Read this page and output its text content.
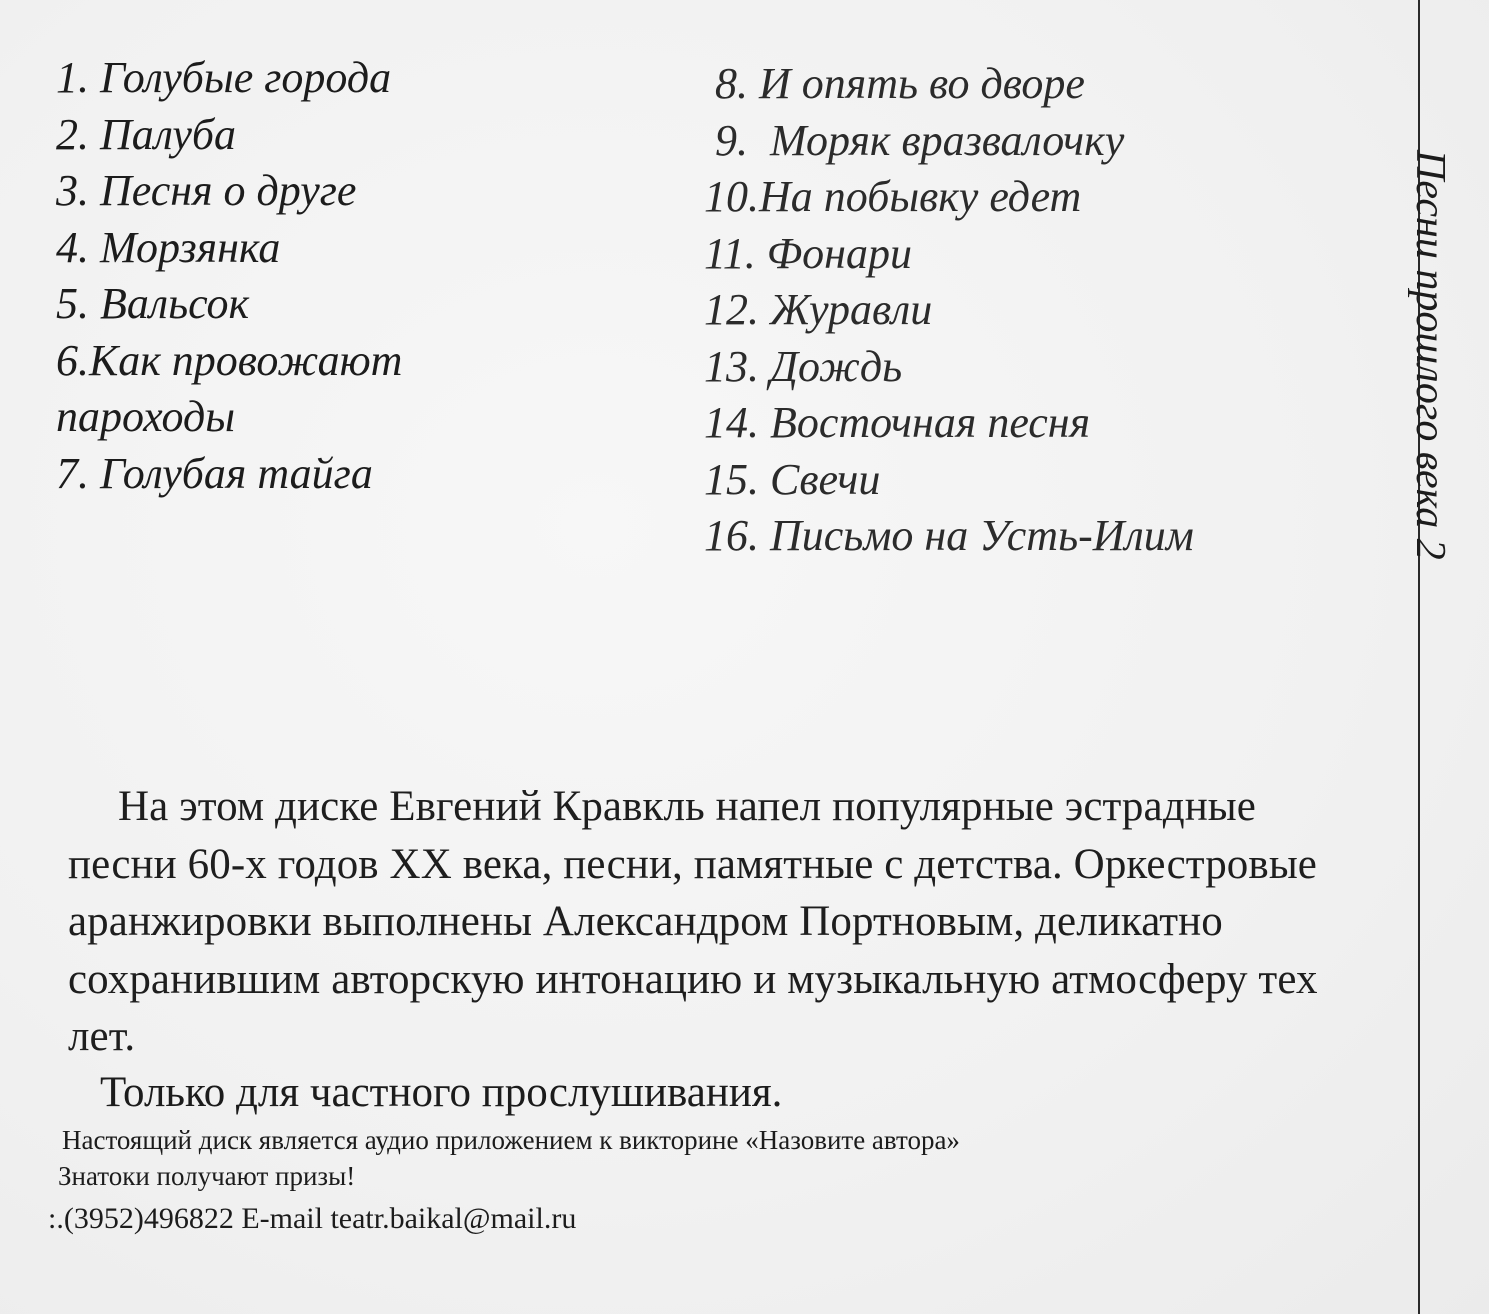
Песни прошлого века 2
1. Голубые города
2. Палуба
3. Песня о друге
4. Морзянка
5. Вальсок
6.Как провожают пароходы
7. Голубая тайга
8. И опять во дворе
9.  Моряк вразвалочку
10.На побывку едет
11. Фонари
12. Журавли
13. Дождь
14. Восточная песня
15. Свечи
16. Письмо на Усть-Илим

На этом диске Евгений Кравкль напел популярные эстрадные песни 60-х годов XX века, песни, памятные с детства. Оркестровые аранжировки выполнены Александром Портновым, деликатно сохранившим авторскую интонацию и музыкальную атмосферу тех лет.

Только для частного прослушивания.

Настоящий диск является аудио приложением к викторине «Назовите автора»

Знатоки получают призы!

:.(3952)496822 E-mail teatr.baikal@mail.ru
